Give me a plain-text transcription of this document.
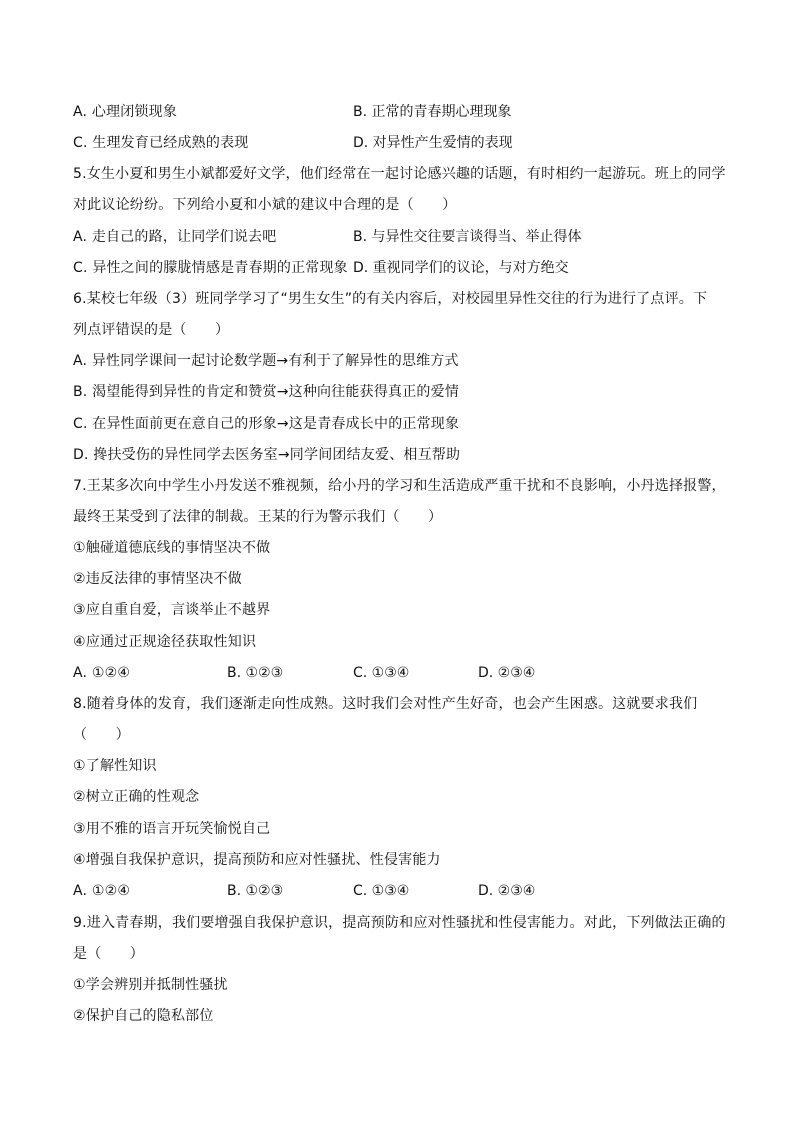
A. 心理闭锁现象	B. 正常的青春期心理现象
C. 生理发育已经成熟的表现	D. 对异性产生爱情的表现
5.女生小夏和男生小斌都爱好文学，他们经常在一起讨论感兴趣的话题，有时相约一起游玩。班上的同学
对此议论纷纷。下列给小夏和小斌的建议中合理的是（　　）
A. 走自己的路，让同学们说去吧	B. 与异性交往要言谈得当、举止得体
C. 异性之间的朦胧情感是青春期的正常现象 D. 重视同学们的议论，与对方绝交
6.某校七年级（3）班同学学习了“男生女生”的有关内容后，对校园里异性交往的行为进行了点评。下
列点评错误的是（　　）
A. 异性同学课间一起讨论数学题→有利于了解异性的思维方式
B. 渴望能得到异性的肯定和赞赏→这种向往能获得真正的爱情
C. 在异性面前更在意自己的形象→这是青春成长中的正常现象
D. 搀扶受伤的异性同学去医务室→同学间团结友爱、相互帮助
7.王某多次向中学生小丹发送不雅视频，给小丹的学习和生活造成严重干扰和不良影响，小丹选择报警，
最终王某受到了法律的制裁。王某的行为警示我们（　　）
①触碰道德底线的事情坚决不做
②违反法律的事情坚决不做
③应自重自爱，言谈举止不越界
④应通过正规途径获取性知识
A. ①②④	B. ①②③	C. ①③④	D. ②③④
8.随着身体的发育，我们逐渐走向性成熟。这时我们会对性产生好奇，也会产生困惑。这就要求我们
（　　）
①了解性知识
②树立正确的性观念
③用不雅的语言开玩笑愉悦自己
④增强自我保护意识，提高预防和应对性骚扰、性侵害能力
A. ①②④	B. ①②③	C. ①③④	D. ②③④
9.进入青春期，我们要增强自我保护意识，提高预防和应对性骚扰和性侵害能力。对此，下列做法正确的
是（　　）
①学会辨别并抵制性骚扰
②保护自己的隐私部位
